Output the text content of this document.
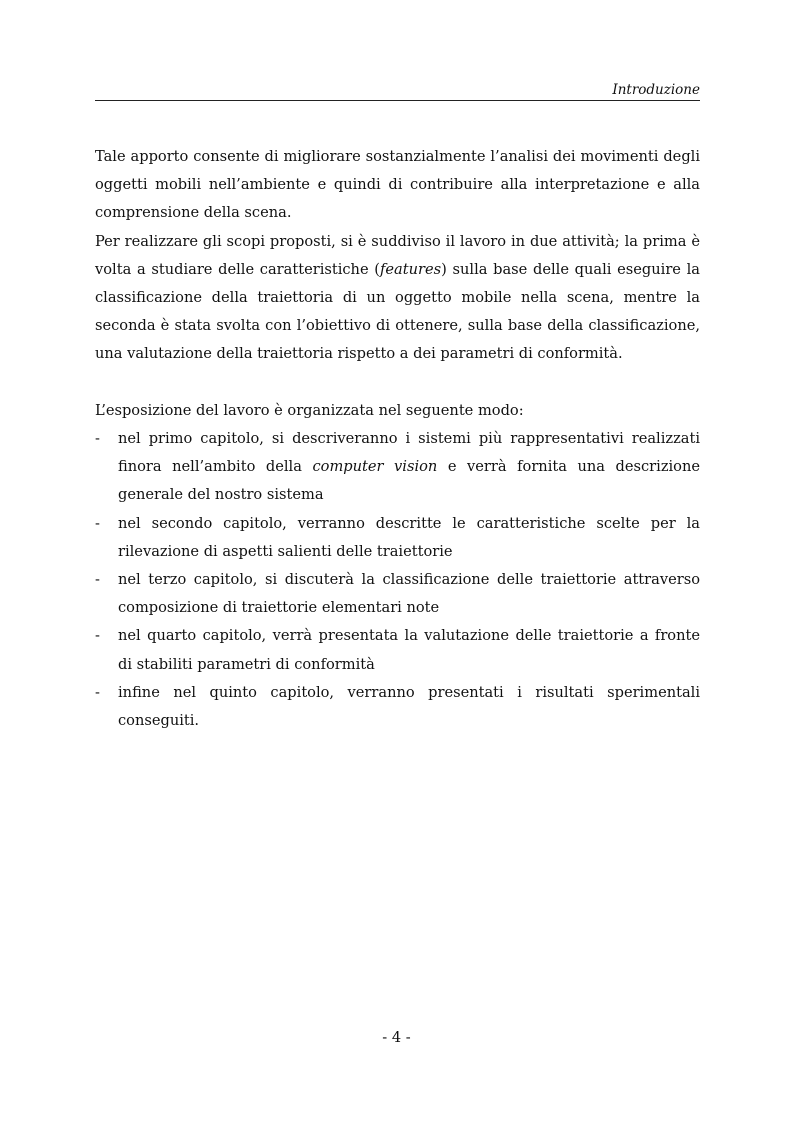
Introduzione

Tale apporto consente di migliorare sostanzialmente l’analisi dei movimenti degli oggetti mobili nell’ambiente e quindi di contribuire alla interpretazione e alla comprensione della scena.

Per realizzare gli scopi proposti, si è suddiviso il lavoro in due attività; la prima è volta a studiare delle caratteristiche (features) sulla base delle quali eseguire la classificazione della traiettoria di un oggetto mobile nella scena, mentre la seconda è stata svolta con l’obiettivo di ottenere, sulla base della classificazione, una valutazione della traiettoria rispetto a dei parametri di conformità.

L’esposizione del lavoro è organizzata nel seguente modo:

- nel primo capitolo, si descriveranno i sistemi più rappresentativi realizzati finora nell’ambito della computer vision e verrà fornita una descrizione generale del nostro sistema
- nel secondo capitolo, verranno descritte le caratteristiche scelte per la rilevazione di aspetti salienti delle traiettorie
- nel terzo capitolo, si discuterà la classificazione delle traiettorie attraverso composizione di traiettorie elementari note
- nel quarto capitolo, verrà presentata la valutazione delle traiettorie a fronte di stabiliti parametri di conformità
- infine nel quinto capitolo, verranno presentati i risultati sperimentali conseguiti.
- 4 -
